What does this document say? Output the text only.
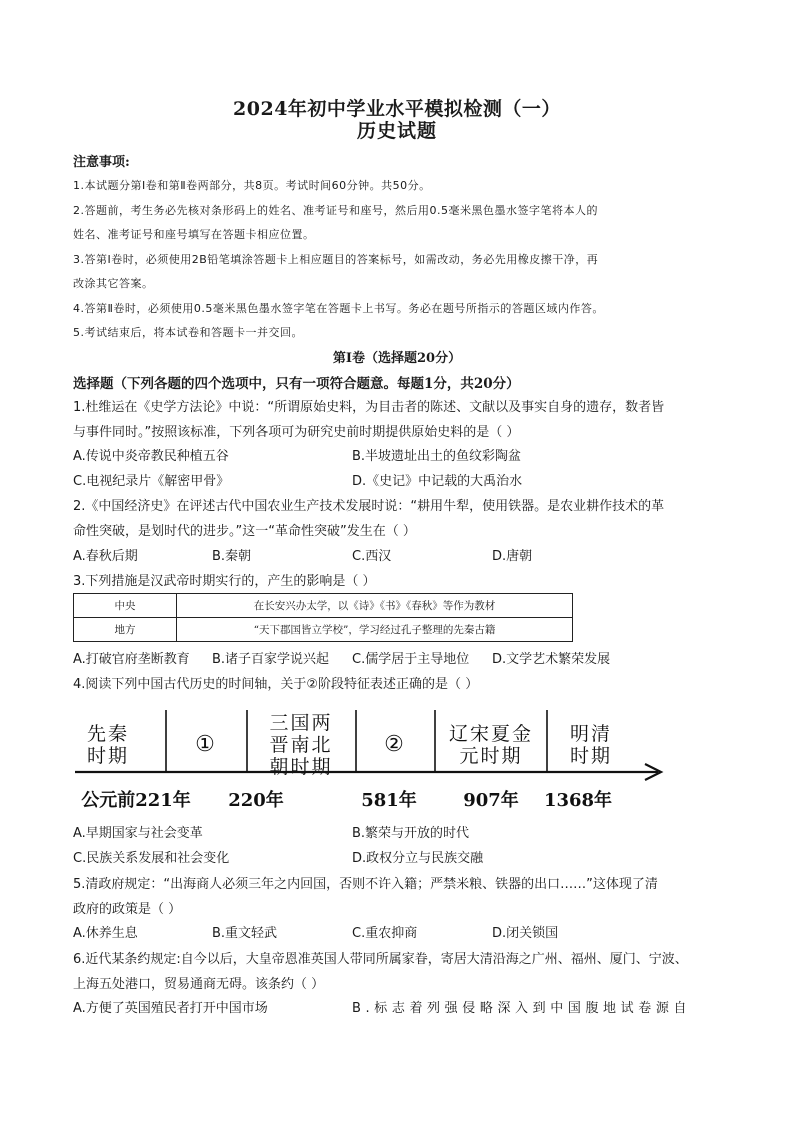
2024年初中学业水平模拟检测（一）
历史试题
注意事项:

1.本试题分第Ⅰ卷和第Ⅱ卷两部分，共8页。考试时间60分钟。共50分。

2.答题前，考生务必先核对条形码上的姓名、准考证号和座号，然后用0.5毫米黑色墨水签字笔将本人的

姓名、准考证号和座号填写在答题卡相应位置。

3.答第Ⅰ卷时，必须使用2B铅笔填涂答题卡上相应题目的答案标号，如需改动，务必先用橡皮擦干净，再

改涂其它答案。

4.答第Ⅱ卷时，必须使用0.5毫米黑色墨水签字笔在答题卡上书写。务必在题号所指示的答题区域内作答。

5.考试结束后，将本试卷和答题卡一并交回。

第Ⅰ卷（选择题20分）
选择题（下列各题的四个选项中，只有一项符合题意。每题1分，共20分）

1.杜维运在《史学方法论》中说：“所谓原始史料，为目击者的陈述、文献以及事实自身的遗存，数者皆

与事件同时。”按照该标准，下列各项可为研究史前时期提供原始史料的是（ ）

A.传说中炎帝教民种植五谷	B.半坡遗址出土的鱼纹彩陶盆
C.电视纪录片《解密甲骨》	D.《史记》中记载的大禹治水

2.《中国经济史》在评述古代中国农业生产技术发展时说：“耕用牛犁，使用铁器。是农业耕作技术的革

命性突破，是划时代的进步。”这一“革命性突破”发生在（ ）

A.春秋后期	B.秦朝	C.西汉	D.唐朝

3.下列措施是汉武帝时期实行的，产生的影响是（ ）

中央	在长安兴办太学，以《诗》《书》《春秋》等作为教材
地方	“天下郡国皆立学校”，学习经过孔子整理的先秦古籍
A.打破官府垄断教育 B.诸子百家学说兴起 C.儒学居于主导地位 D.文学艺术繁荣发展

4.阅读下列中国古代历史的时间轴，关于②阶段特征表述正确的是（ ）

先秦
时期	①
三国两
晋南北
朝时期
② 辽宋夏金
元时期
明清
时期
公元前221年 220年	581年	907年 1368年
A.早期国家与社会变革	B.繁荣与开放的时代
C.民族关系发展和社会变化	D.政权分立与民族交融

5.清政府规定：“出海商人必须三年之内回国，否则不许入籍；严禁米粮、铁器的出口……”这体现了清

政府的政策是（ ）

A.休养生息	B.重文轻武	C.重农抑商	D.闭关锁国

6.近代某条约规定:自今以后，大皇帝恩准英国人带同所属家眷，寄居大清沿海之广州、福州、厦门、宁波、

上海五处港口，贸易通商无碍。该条约（ ）

A.方便了英国殖民者打开中国市场	B.标志着列强侵略深入到中国腹地试卷源自
